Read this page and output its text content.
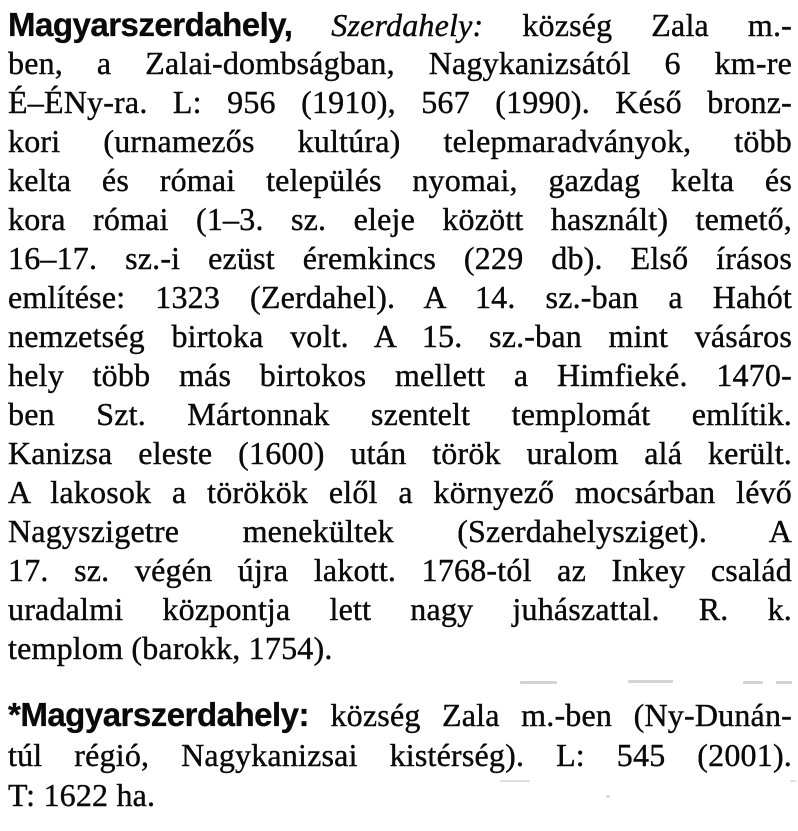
Magyarszerdahely, Szerdahely: község Zala m.-
ben, a Zalai-dombságban, Nagykanizsától 6 km-re
É–ÉNy-ra. L: 956 (1910), 567 (1990). Késő bronz-
kori (urnamezős kultúra) telepmaradványok, több
kelta és római település nyomai, gazdag kelta és
kora római (1–3. sz. eleje között használt) temető,
16–17. sz.-i ezüst éremkincs (229 db). Első írásos
említése: 1323 (Zerdahel). A 14. sz.-ban a Hahót
nemzetség birtoka volt. A 15. sz.-ban mint vásáros
hely több más birtokos mellett a Himfieké. 1470-
ben Szt. Mártonnak szentelt templomát említik.
Kanizsa eleste (1600) után török uralom alá került.
A lakosok a törökök elől a környező mocsárban lévő
Nagyszigetre menekültek (Szerdahelysziget). A
17. sz. végén újra lakott. 1768-tól az Inkey család
uradalmi központja lett nagy juhászattal. R. k.
templom (barokk, 1754).
*Magyarszerdahely: község Zala m.-ben (Ny-Dunán-
túl régió, Nagykanizsai kistérség). L: 545 (2001).
T: 1622 ha.
